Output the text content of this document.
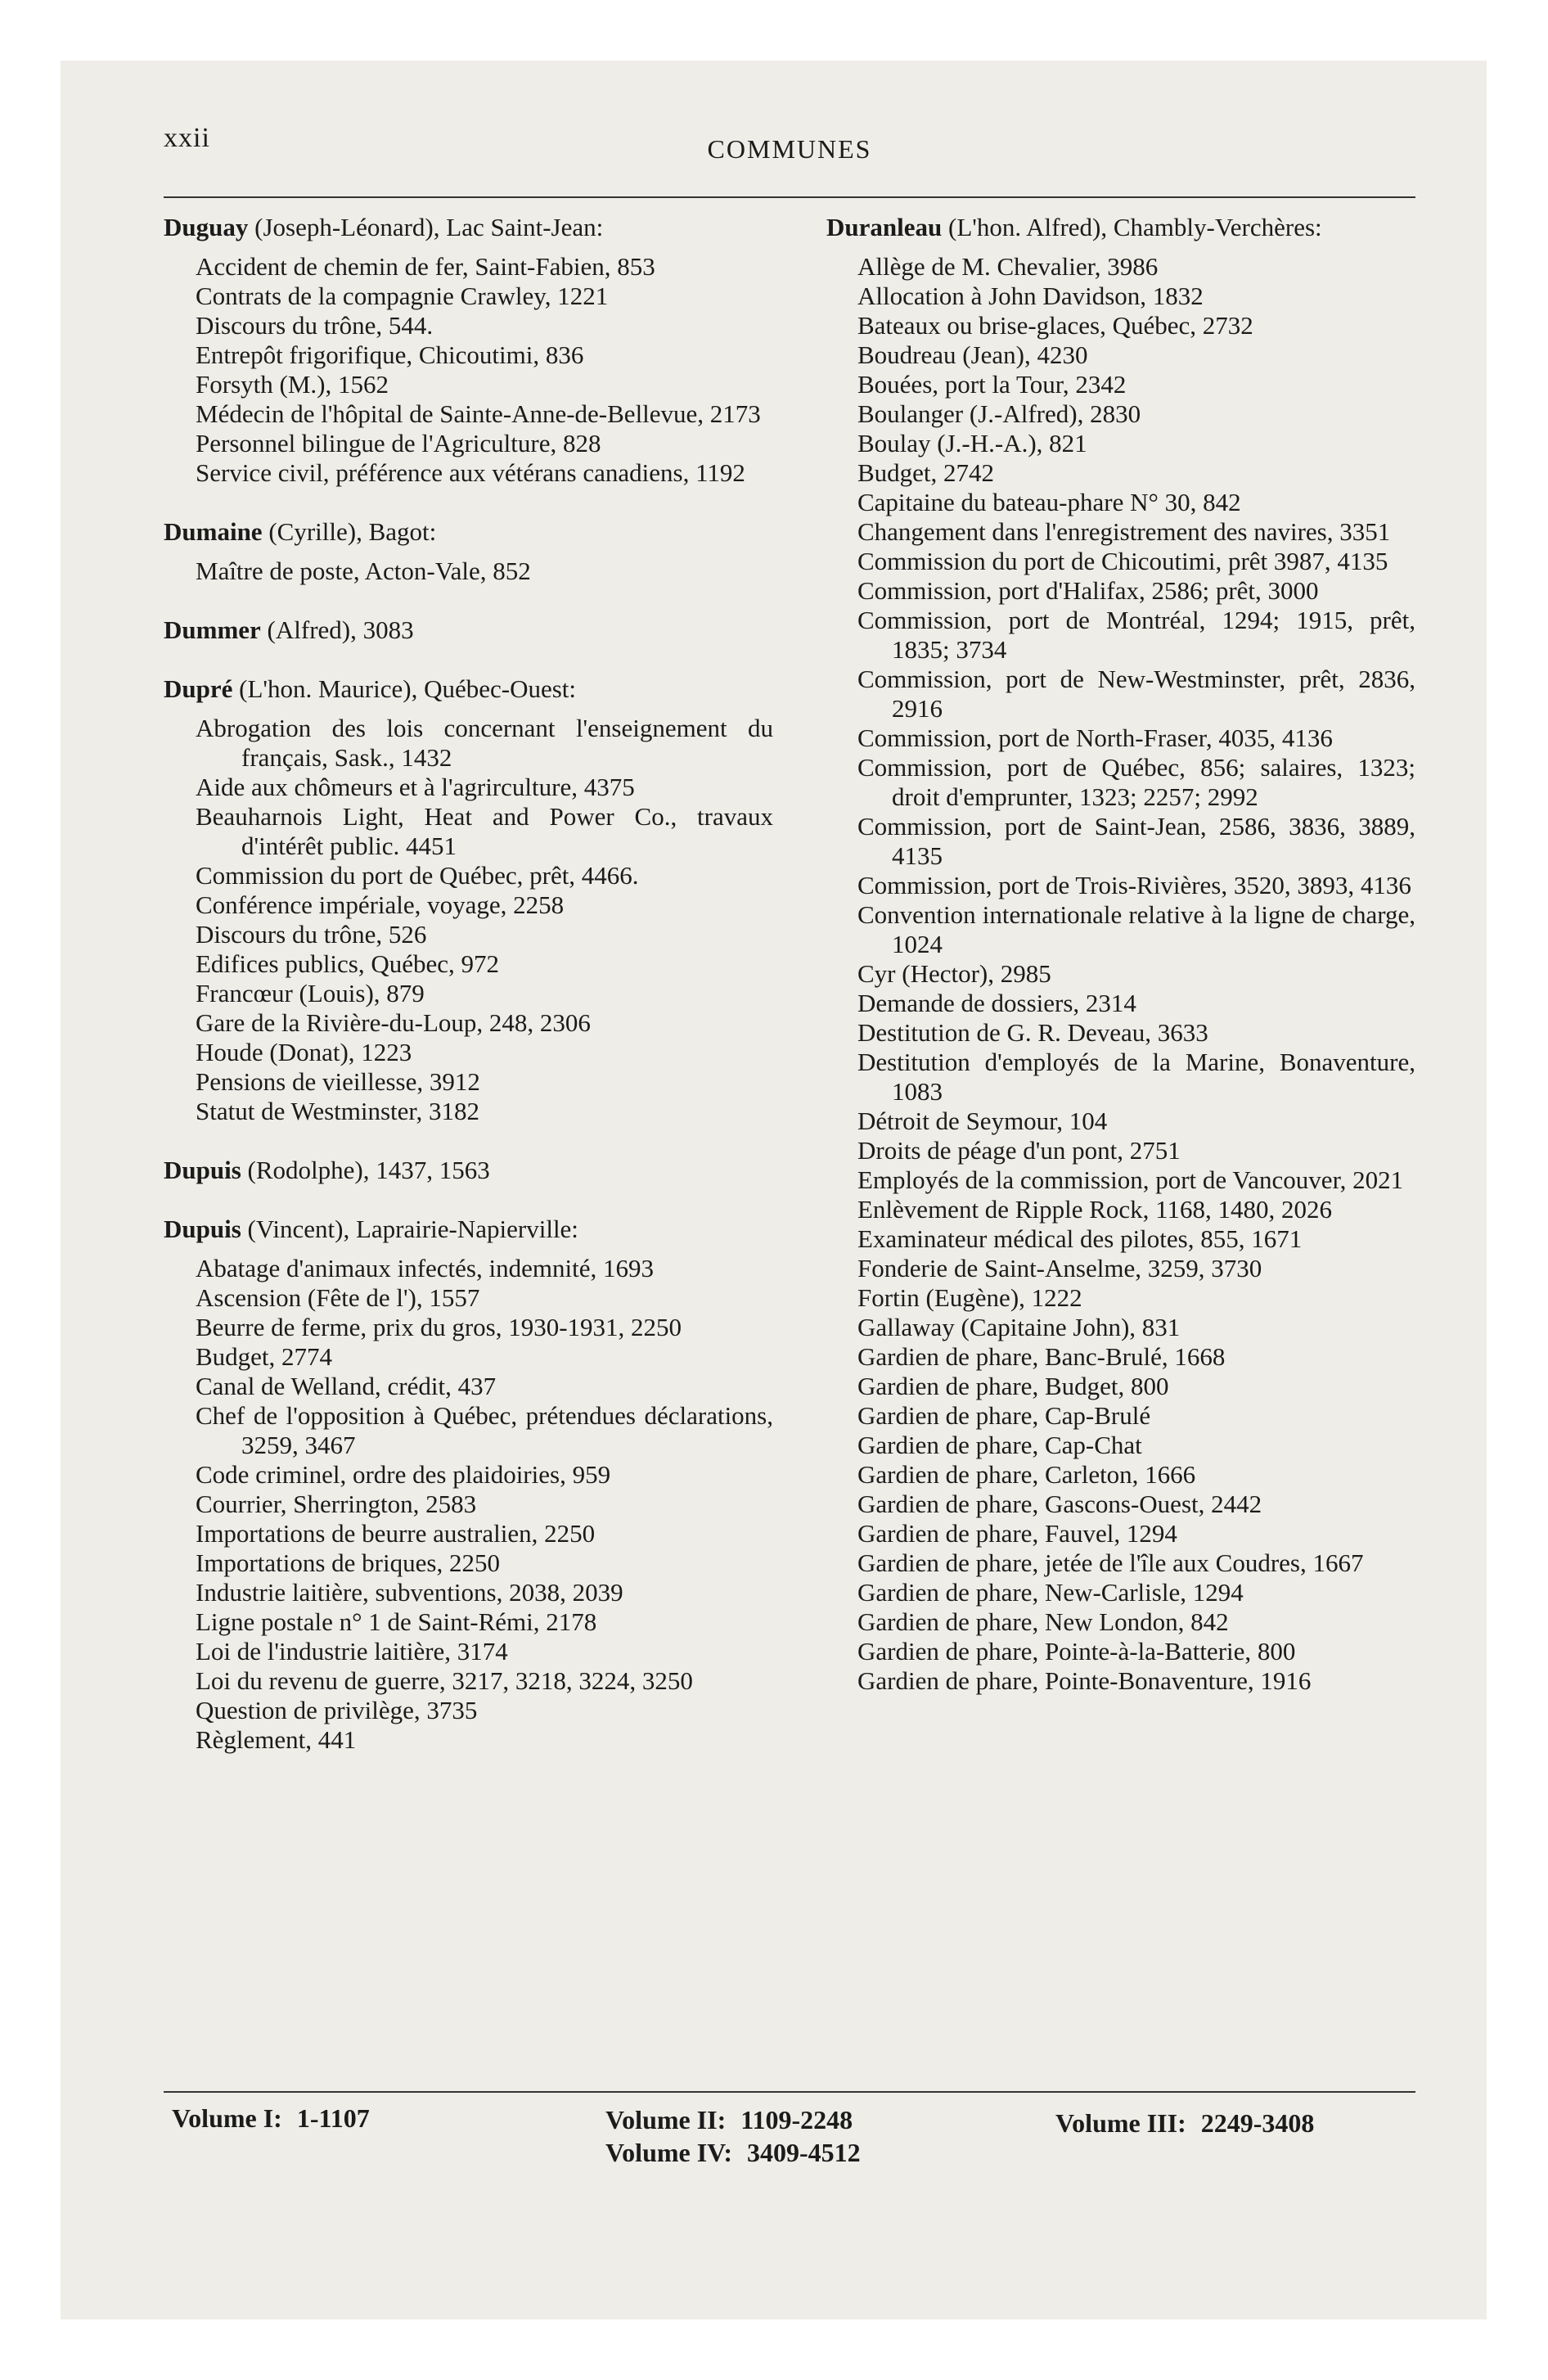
xxii	COMMUNES
Duguay (Joseph-Léonard), Lac Saint-Jean:
Accident de chemin de fer, Saint-Fabien, 853
Contrats de la compagnie Crawley, 1221
Discours du trône, 544.
Entrepôt frigorifique, Chicoutimi, 836
Forsyth (M.), 1562
Médecin de l'hôpital de Sainte-Anne-de-Bellevue, 2173
Personnel bilingue de l'Agriculture, 828
Service civil, préférence aux vétérans canadiens, 1192
Dumaine (Cyrille), Bagot:
Maître de poste, Acton-Vale, 852
Dummer (Alfred), 3083
Dupré (L'hon. Maurice), Québec-Ouest:
Abrogation des lois concernant l'enseignement du français, Sask., 1432
Aide aux chômeurs et à l'agrirculture, 4375
Beauharnois Light, Heat and Power Co., travaux d'intérêt public. 4451
Commission du port de Québec, prêt, 4466.
Conférence impériale, voyage, 2258
Discours du trône, 526
Edifices publics, Québec, 972
Francœur (Louis), 879
Gare de la Rivière-du-Loup, 248, 2306
Houde (Donat), 1223
Pensions de vieillesse, 3912
Statut de Westminster, 3182
Dupuis (Rodolphe), 1437, 1563
Dupuis (Vincent), Laprairie-Napierville:
Abatage d'animaux infectés, indemnité, 1693
Ascension (Fête de l'), 1557
Beurre de ferme, prix du gros, 1930-1931, 2250
Budget, 2774
Canal de Welland, crédit, 437
Chef de l'opposition à Québec, prétendues déclarations, 3259, 3467
Code criminel, ordre des plaidoiries, 959
Courrier, Sherrington, 2583
Importations de beurre australien, 2250
Importations de briques, 2250
Industrie laitière, subventions, 2038, 2039
Ligne postale n° 1 de Saint-Rémi, 2178
Loi de l'industrie laitière, 3174
Loi du revenu de guerre, 3217, 3218, 3224, 3250
Question de privilège, 3735
Règlement, 441
Duranleau (L'hon. Alfred), Chambly-Verchères:
Allège de M. Chevalier, 3986
Allocation à John Davidson, 1832
Bateaux ou brise-glaces, Québec, 2732
Boudreau (Jean), 4230
Bouées, port la Tour, 2342
Boulanger (J.-Alfred), 2830
Boulay (J.-H.-A.), 821
Budget, 2742
Capitaine du bateau-phare N° 30, 842
Changement dans l'enregistrement des navires, 3351
Commission du port de Chicoutimi, prêt 3987, 4135
Commission, port d'Halifax, 2586; prêt, 3000
Commission, port de Montréal, 1294; 1915, prêt, 1835; 3734
Commission, port de New-Westminster, prêt, 2836, 2916
Commission, port de North-Fraser, 4035, 4136
Commission, port de Québec, 856; salaires, 1323; droit d'emprunter, 1323; 2257; 2992
Commission, port de Saint-Jean, 2586, 3836, 3889, 4135
Commission, port de Trois-Rivières, 3520, 3893, 4136
Convention internationale relative à la ligne de charge, 1024
Cyr (Hector), 2985
Demande de dossiers, 2314
Destitution de G. R. Deveau, 3633
Destitution d'employés de la Marine, Bonaventure, 1083
Détroit de Seymour, 104
Droits de péage d'un pont, 2751
Employés de la commission, port de Vancouver, 2021
Enlèvement de Ripple Rock, 1168, 1480, 2026
Examinateur médical des pilotes, 855, 1671
Fonderie de Saint-Anselme, 3259, 3730
Fortin (Eugène), 1222
Gallaway (Capitaine John), 831
Gardien de phare, Banc-Brulé, 1668
Gardien de phare, Budget, 800
Gardien de phare, Cap-Brulé
Gardien de phare, Cap-Chat
Gardien de phare, Carleton, 1666
Gardien de phare, Gascons-Ouest, 2442
Gardien de phare, Fauvel, 1294
Gardien de phare, jetée de l'île aux Coudres, 1667
Gardien de phare, New-Carlisle, 1294
Gardien de phare, New London, 842
Gardien de phare, Pointe-à-la-Batterie, 800
Gardien de phare, Pointe-Bonaventure, 1916
Volume I: 1-1107	Volume II: 1109-2248
Volume IV: 3409-4512
Volume III: 2249-3408
